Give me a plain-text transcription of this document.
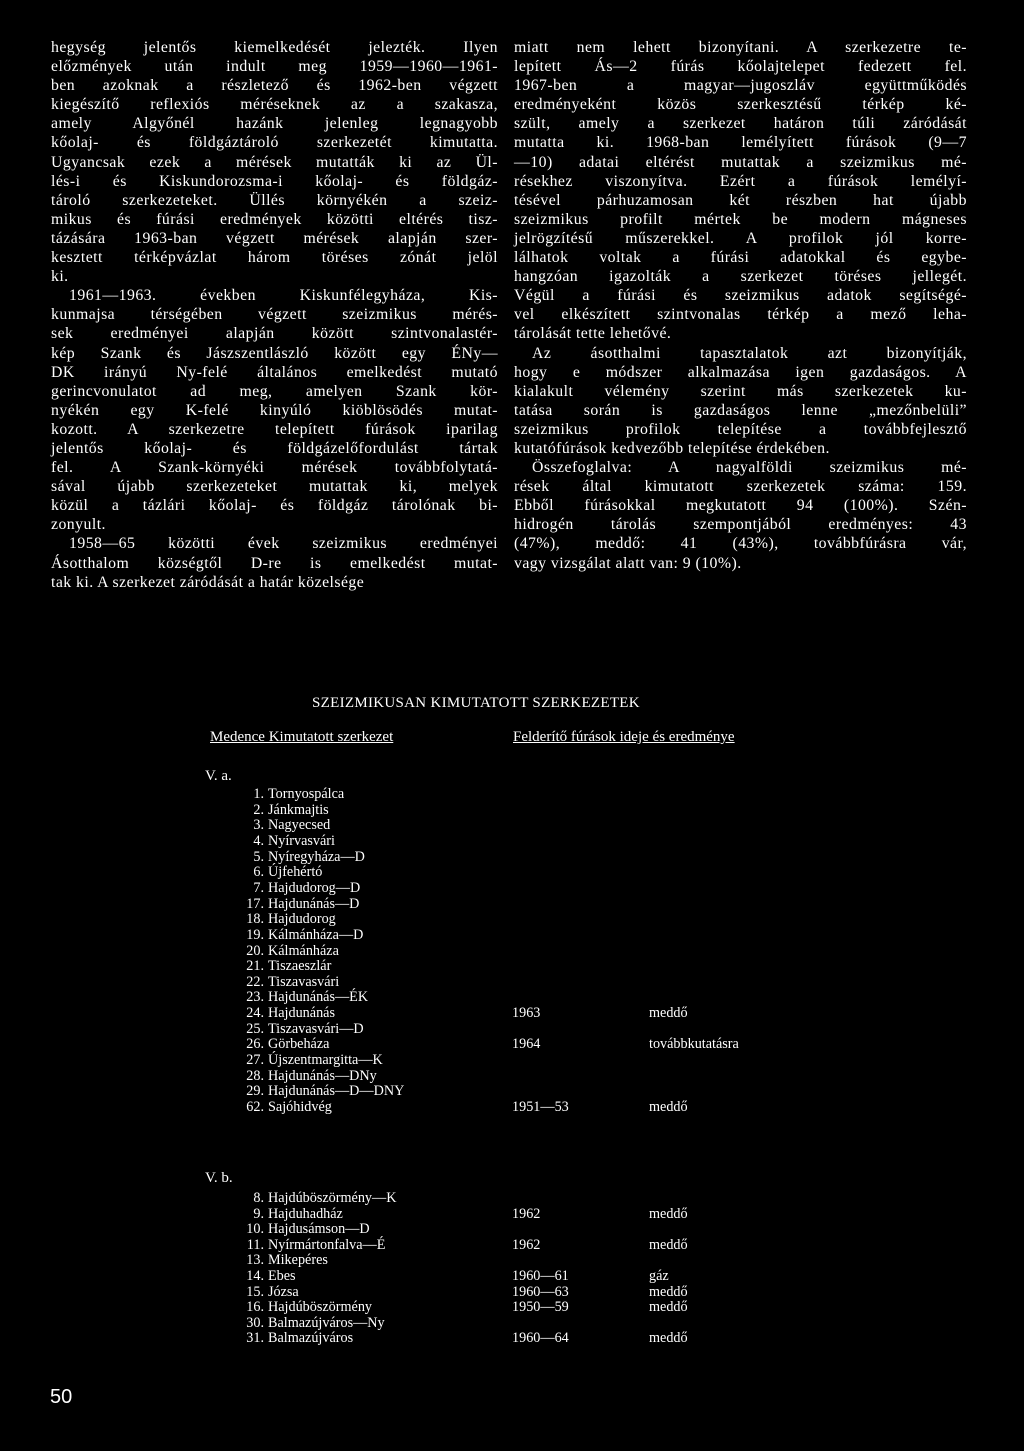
hegység jelentős kiemelkedését jelezték. Ilyen
előzmények után indult meg 1959—1960—1961-
ben azoknak a részletező és 1962-ben végzett
kiegészítő reflexiós méréseknek az a szakasza,
amely Algyőnél hazánk jelenleg legnagyobb
kőolaj- és földgáztároló szerkezetét kimutatta.
Ugyancsak ezek a mérések mutatták ki az Ül-
lés-i és Kiskundorozsma-i kőolaj- és földgáz-
tároló szerkezeteket. Üllés környékén a szeiz-
mikus és fúrási eredmények közötti eltérés tisz-
tázására 1963-ban végzett mérések alapján szer-
kesztett térképvázlat három töréses zónát jelöl
ki.
1961—1963. években Kiskunfélegyháza, Kis-
kunmajsa térségében végzett szeizmikus mérés-
sek eredményei alapján között szintvonalastér-
kép Szank és Jászszentlászló között egy ÉNy—
DK irányú Ny-felé általános emelkedést mutató
gerincvonulatot ad meg, amelyen Szank kör-
nyékén egy K-felé kinyúló kiöblösödés mutat-
kozott. A szerkezetre telepített fúrások iparilag
jelentős kőolaj- és földgázelőfordulást tártak
fel. A Szank-környéki mérések továbbfolytatá-
sával újabb szerkezeteket mutattak ki, melyek
közül a tázlári kőolaj- és földgáz tárolónak bi-
zonyult.
1958—65 közötti évek szeizmikus eredményei
Ásotthalom községtől D-re is emelkedést mutat-
tak ki. A szerkezet záródását a határ közelsége
miatt nem lehett bizonyítani. A szerkezetre te-
lepített Ás—2 fúrás kőolajtelepet fedezett fel.
1967-ben a magyar—jugoszláv együttműködés
eredményeként közös szerkesztésű térkép ké-
szült, amely a szerkezet határon túli záródását
mutatta ki. 1968-ban lemélyített fúrások (9—7
—10) adatai eltérést mutattak a szeizmikus mé-
résekhez viszonyítva. Ezért a fúrások lemélyí-
tésével párhuzamosan két részben hat újabb
szeizmikus profilt mértek be modern mágneses
jelrögzítésű műszerekkel. A profilok jól korre-
lálhatok voltak a fúrási adatokkal és egybe-
hangzóan igazolták a szerkezet töréses jellegét.
Végül a fúrási és szeizmikus adatok segítségé-
vel elkészített szintvonalas térkép a mező leha-
tárolását tette lehetővé.
Az ásotthalmi tapasztalatok azt bizonyítják,
hogy e módszer alkalmazása igen gazdaságos. A
kialakult vélemény szerint más szerkezetek ku-
tatása során is gazdaságos lenne „mezőnbelüli”
szeizmikus profilok telepítése a továbbfejlesztő
kutatófúrások kedvezőbb telepítése érdekében.
Összefoglalva: A nagyalföldi szeizmikus mé-
rések által kimutatott szerkezetek száma: 159.
Ebből fúrásokkal megkutatott 94 (100%). Szén-
hidrogén tárolás szempontjából eredményes: 43
(47%), meddő: 41 (43%), továbbfúrásra vár,
vagy vizsgálat alatt van: 9 (10%).
SZEIZMIKUSAN KIMUTATOTT SZERKEZETEK
Medence Kimutatott szerkezet	Felderítő fúrások ideje és eredménye
V. a.
1. Tornyospálca
2. Jánkmajtis
3. Nagyecsed
4. Nyírvasvári
5. Nyíregyháza—D
6. Újfehértó
7. Hajdudorog—D
17. Hajdunánás—D
18. Hajdudorog
19. Kálmánháza—D
20. Kálmánháza
21. Tiszaeszlár
22. Tiszavasvári
23. Hajdunánás—ÉK
24. Hajdunánás	1963	meddő
25. Tiszavasvári—D
26. Görbeháza	1964	továbbkutatásra
27. Újszentmargitta—K
28. Hajdunánás—DNy
29. Hajdunánás—D—DNY
62. Sajóhidvég	1951—53	meddő
V. b.
8. Hajdúböszörmény—K
9. Hajduhadház	1962	meddő
10. Hajdusámson—D
11. Nyírmártonfalva—É	1962	meddő
13. Mikepéres
14. Ebes	1960—61	gáz
15. Józsa	1960—63	meddő
16. Hajdúböszörmény	1950—59	meddő
30. Balmazújváros—Ny
31. Balmazújváros	1960—64	meddő
50
